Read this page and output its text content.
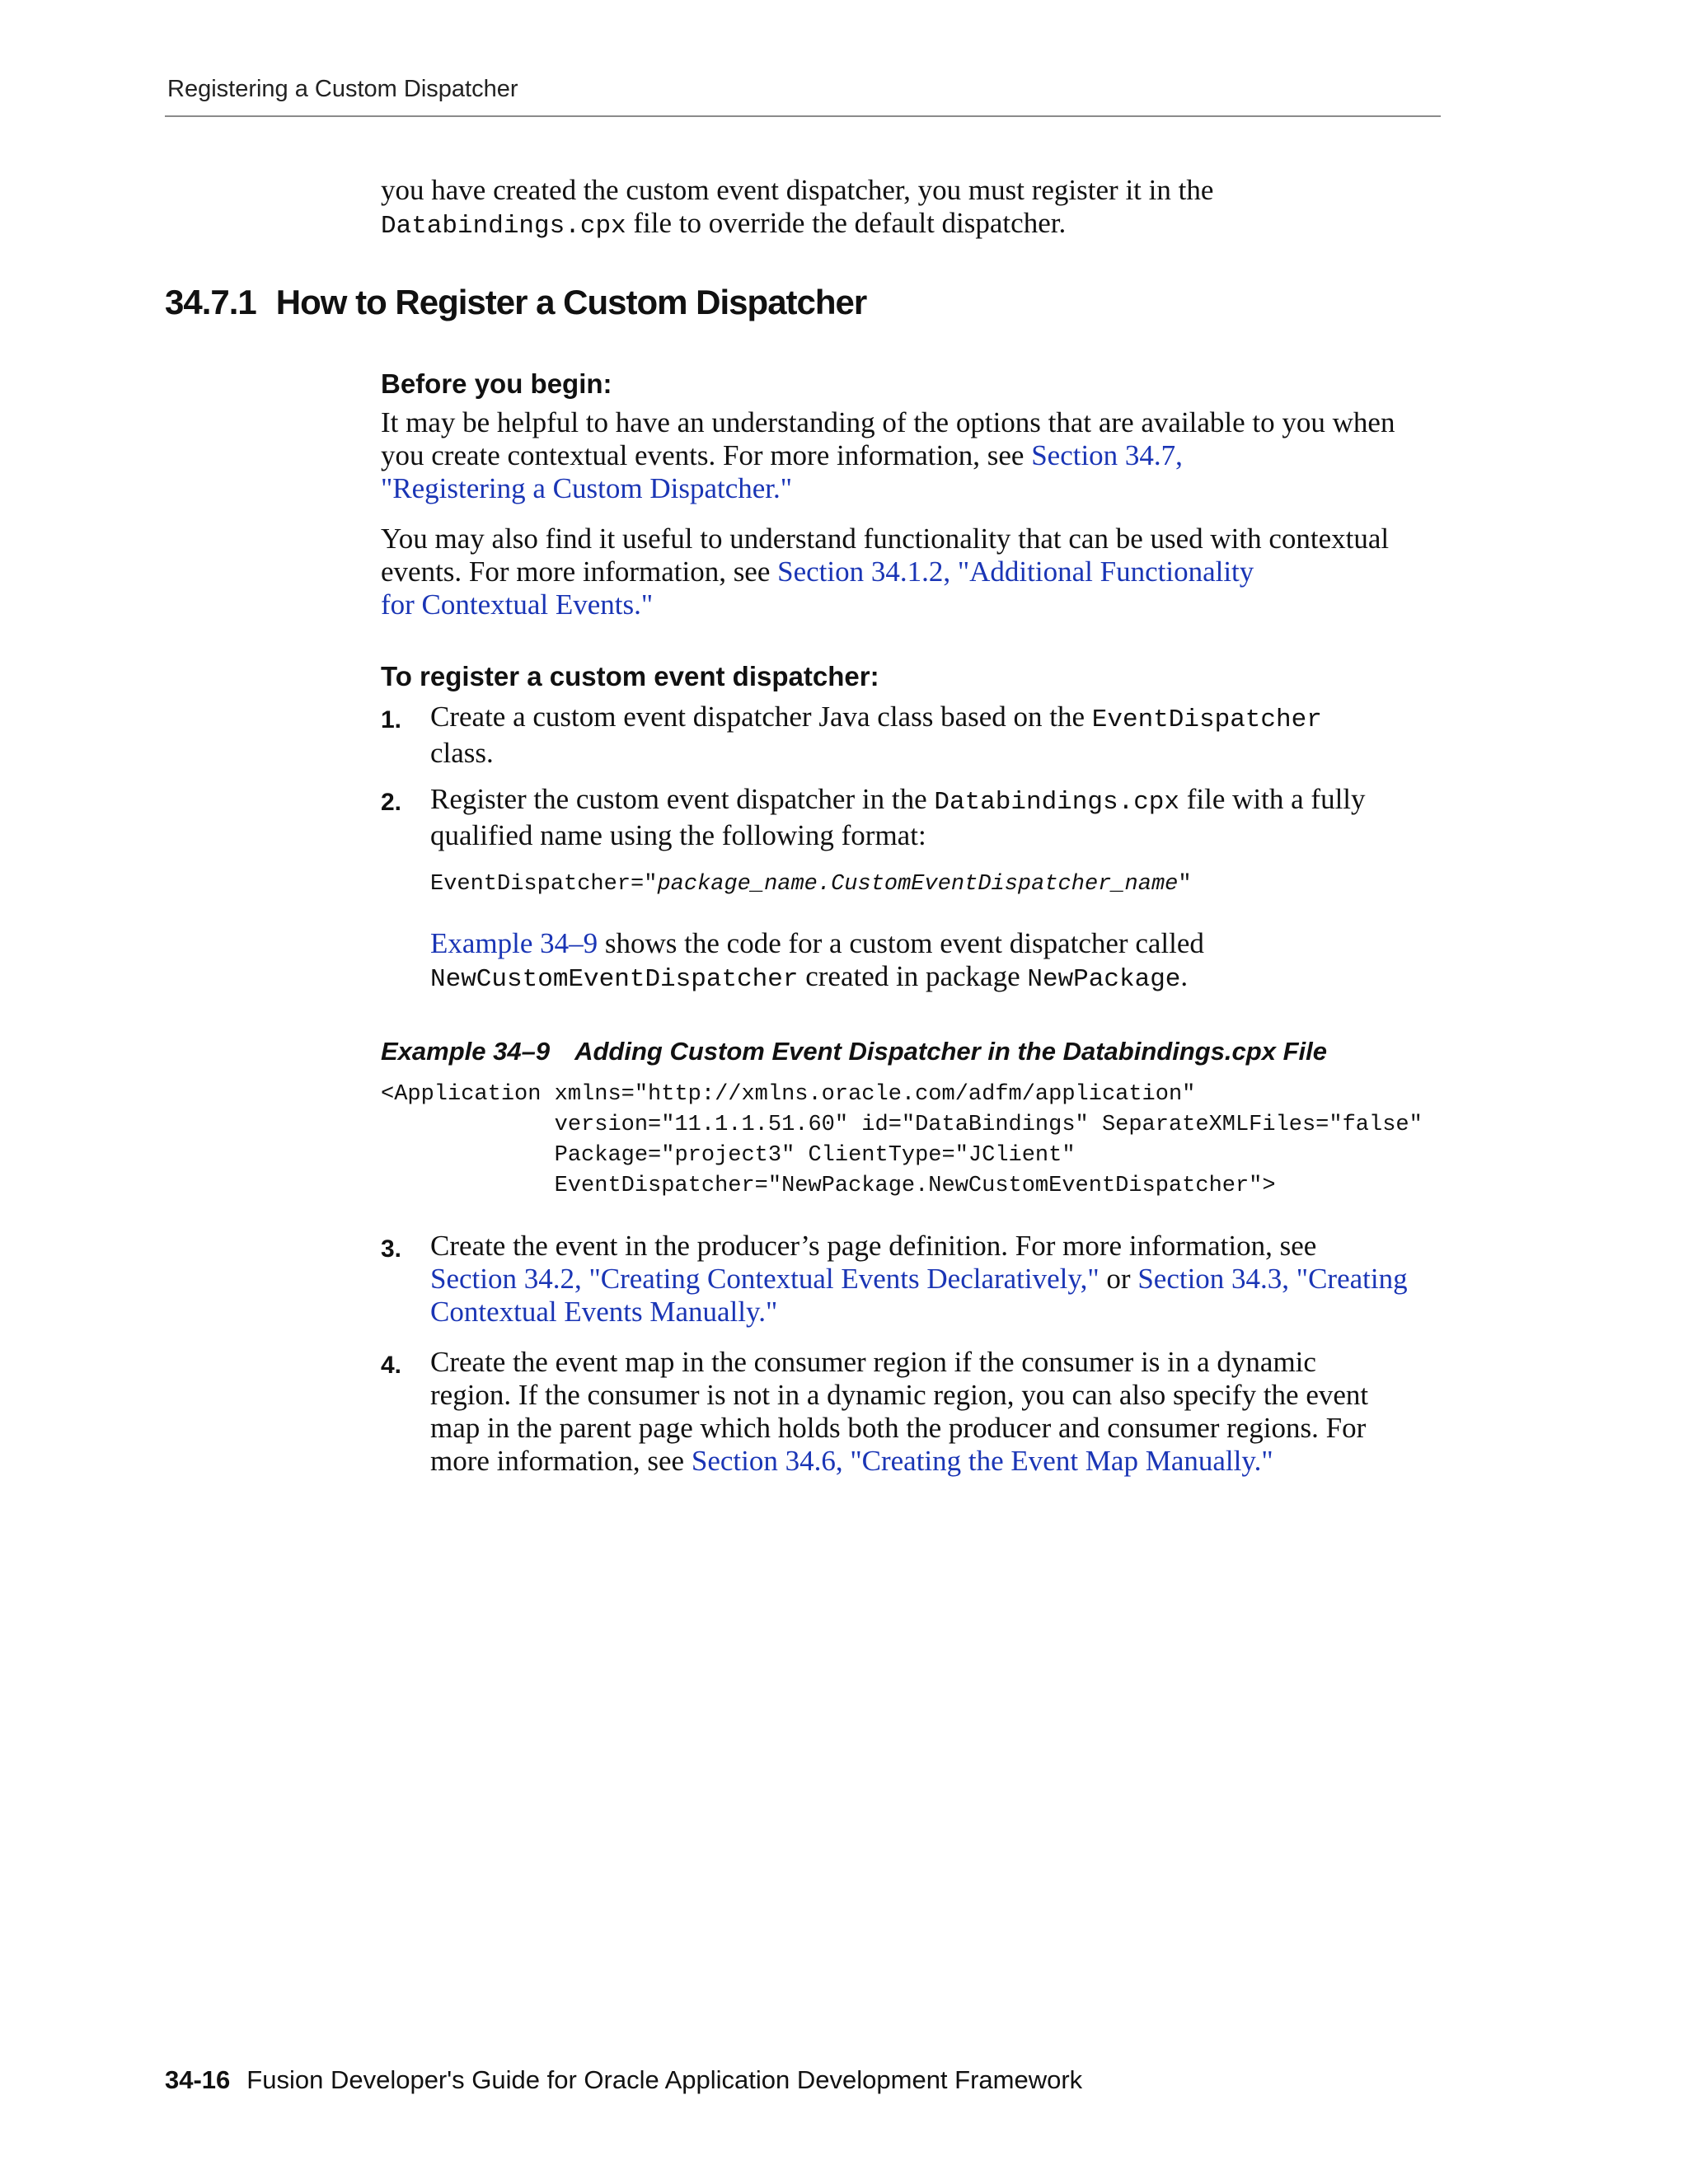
Registering a Custom Dispatcher
you have created the custom event dispatcher, you must register it in the
Databindings.cpx file to override the default dispatcher.
34.7.1 How to Register a Custom Dispatcher
Before you begin:

It may be helpful to have an understanding of the options that are available to you when you create contextual events. For more information, see Section 34.7,
"Registering a Custom Dispatcher."

You may also find it useful to understand functionality that can be used with contextual events. For more information, see Section 34.1.2, "Additional Functionality
for Contextual Events."

To register a custom event dispatcher:
1. Create a custom event dispatcher Java class based on the EventDispatcher
class.
2. Register the custom event dispatcher in the Databindings.cpx file with a fully
qualified name using the following format:
EventDispatcher="package_name.CustomEventDispatcher_name"
Example 34–9 shows the code for a custom event dispatcher called
NewCustomEventDispatcher created in package NewPackage.
Example 34–9 Adding Custom Event Dispatcher in the Databindings.cpx File
<Application xmlns="http://xmlns.oracle.com/adfm/application"
version="11.1.1.51.60" id="DataBindings" SeparateXMLFiles="false"
Package="project3" ClientType="JClient"
EventDispatcher="NewPackage.NewCustomEventDispatcher">
3. Create the event in the producer’s page definition. For more information, see
Section 34.2, "Creating Contextual Events Declaratively," or Section 34.3, "Creating
Contextual Events Manually."
4. Create the event map in the consumer region if the consumer is in a dynamic
region. If the consumer is not in a dynamic region, you can also specify the event
map in the parent page which holds both the producer and consumer regions. For
more information, see Section 34.6, "Creating the Event Map Manually."
34-16 Fusion Developer's Guide for Oracle Application Development Framework
